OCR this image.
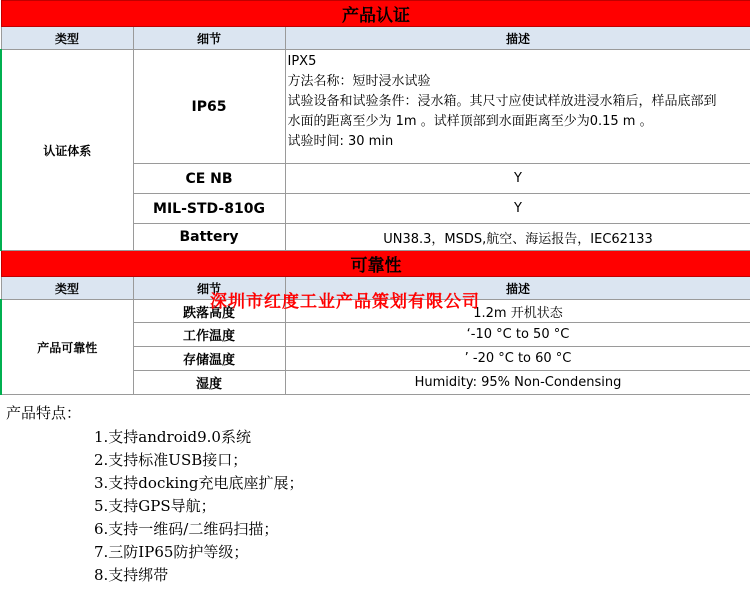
产品认证		
类型	细节	描述
认证体系	IP65	IPX5
方法名称：短时浸水试验
试验设备和试验条件：浸水箱。其尺寸应使试样放进浸水箱后，样品底部到
水面的距离至少为 1m 。试样顶部到水面距离至少为0.15 m 。
试验时间: 30 min

	CE NB	Y
	MIL-STD-810G	Y
	Battery	UN38.3，MSDS,航空、海运报告，IEC62133
可靠性		
类型	细节	描述
产品可靠性	跌落高度	1.2m 开机状态
	工作温度	‘-10 °C to 50 °C
	存储温度	’ -20 °C to 60 °C
	湿度	Humidity: 95% Non-Condensing
深圳市红度工业产品策划有限公司
产品特点：
1.支持android9.0系统
2.支持标准USB接口；
3.支持docking充电底座扩展；
5.支持GPS导航；
6.支持一维码/二维码扫描；
7.三防IP65防护等级；
8.支持绑带
